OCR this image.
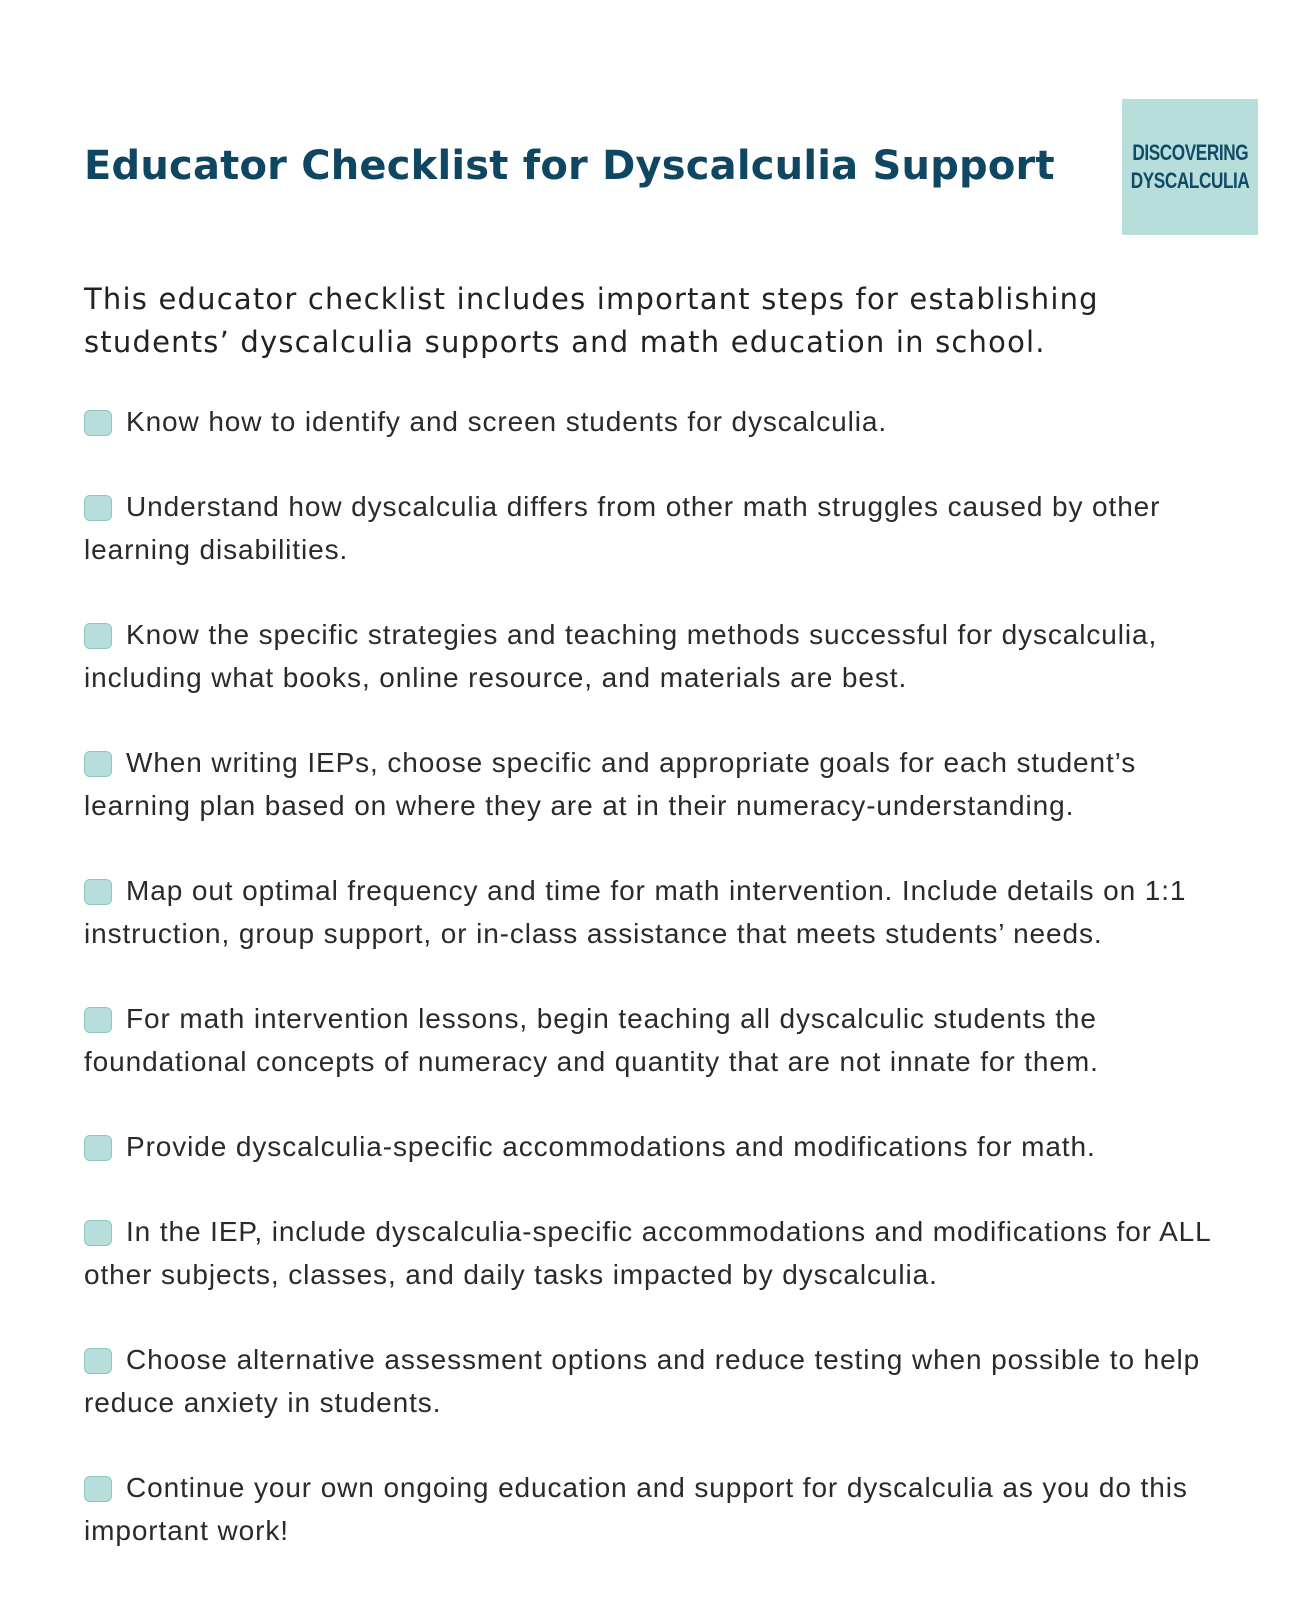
Educator Checklist for Dyscalculia Support	DISCOVERING
DYSCALCULIA

This educator checklist includes important steps for establishing students’ dyscalculia supports and math education in school.

Know how to identify and screen students for dyscalculia.
Understand how dyscalculia differs from other math struggles caused by other learning disabilities.
Know the specific strategies and teaching methods successful for dyscalculia, including what books, online resource, and materials are best.
When writing IEPs, choose specific and appropriate goals for each student’s learning plan based on where they are at in their numeracy-understanding.
Map out optimal frequency and time for math intervention. Include details on 1:1 instruction, group support, or in-class assistance that meets students’ needs.
For math intervention lessons, begin teaching all dyscalculic students the foundational concepts of numeracy and quantity that are not innate for them.
Provide dyscalculia-specific accommodations and modifications for math.
In the IEP, include dyscalculia-specific accommodations and modifications for ALL other subjects, classes, and daily tasks impacted by dyscalculia.
Choose alternative assessment options and reduce testing when possible to help reduce anxiety in students.
Continue your own ongoing education and support for dyscalculia as you do this important work!
